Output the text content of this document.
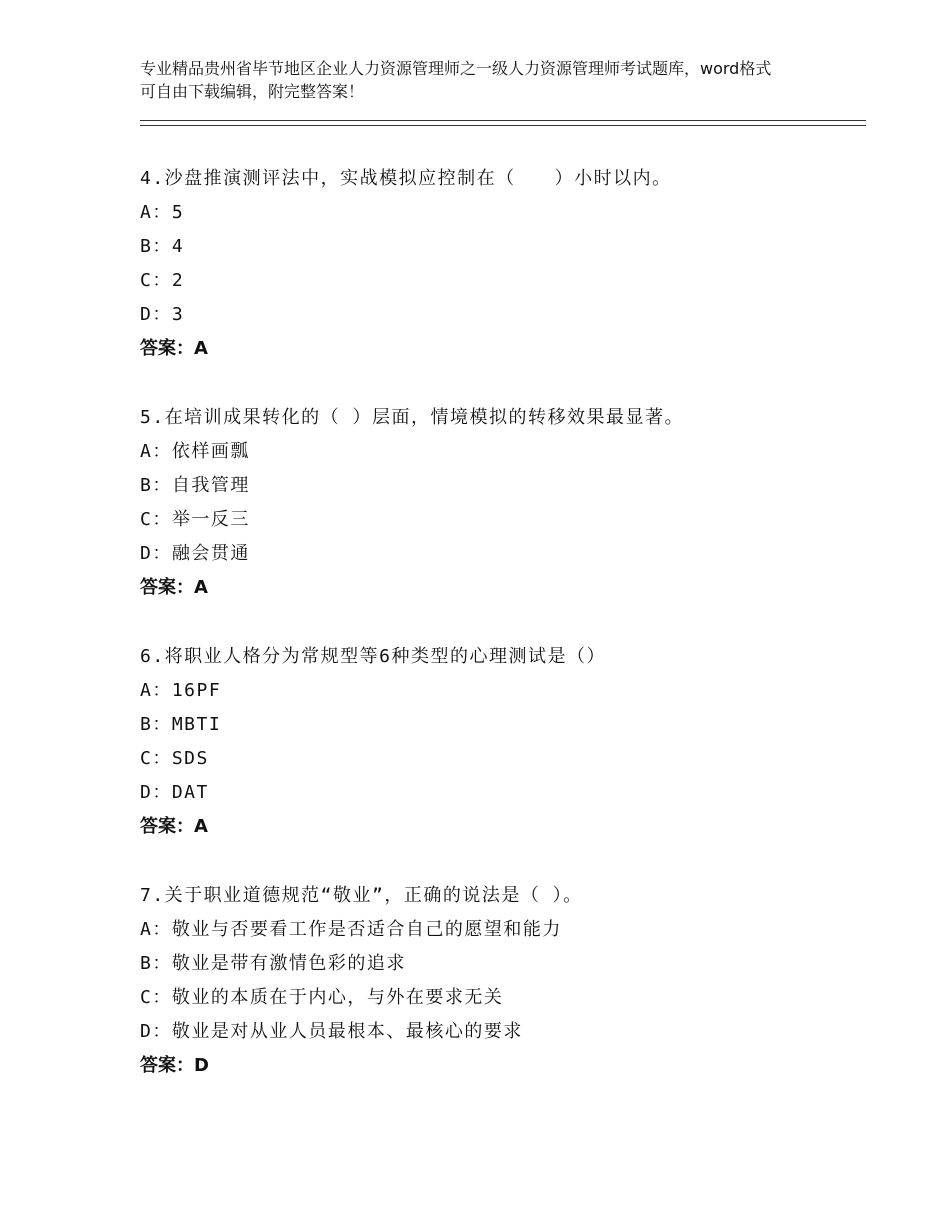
专业精品贵州省毕节地区企业人力资源管理师之一级人力资源管理师考试题库，word格式可自由下载编辑，附完整答案！
4.沙盘推演测评法中，实战模拟应控制在（　　）小时以内。
A：5
B：4
C：2
D：3
答案：A
5.在培训成果转化的（ ）层面，情境模拟的转移效果最显著。
A：依样画瓢
B：自我管理
C：举一反三
D：融会贯通
答案：A
6.将职业人格分为常规型等6种类型的心理测试是（）
A：16PF
B：MBTI
C：SDS
D：DAT
答案：A
7.关于职业道德规范“敬业”，正确的说法是（ ）。
A：敬业与否要看工作是否适合自己的愿望和能力
B：敬业是带有激情色彩的追求
C：敬业的本质在于内心，与外在要求无关
D：敬业是对从业人员最根本、最核心的要求
答案：D
